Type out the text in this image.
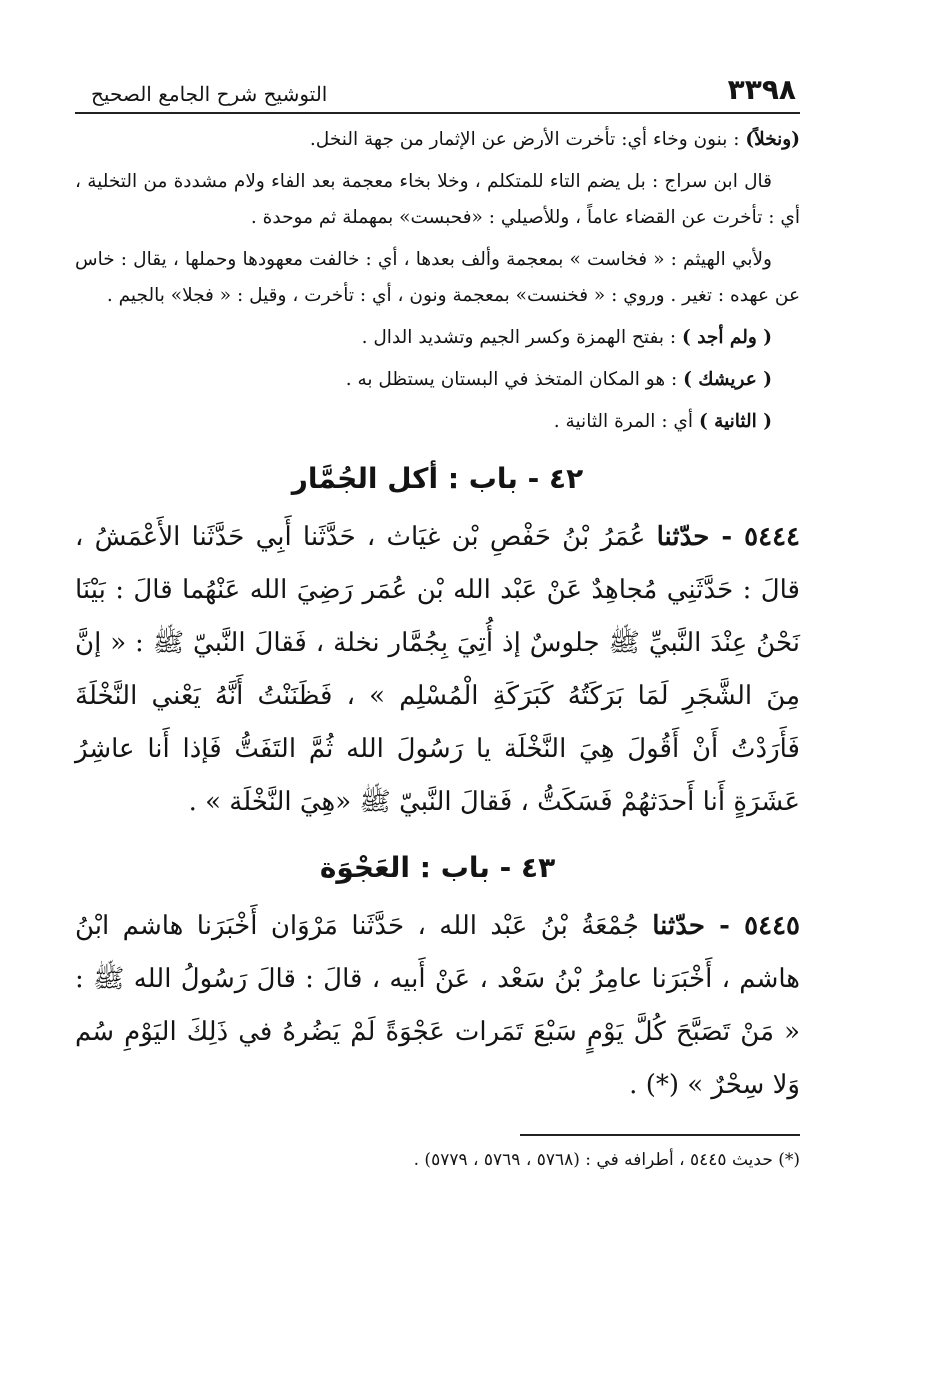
٣٣٩٨
التوشيح شرح الجامع الصحيح

(ونخلاً) : بنون وخاء أي: تأخرت الأرض عن الإثمار من جهة النخل.

قال ابن سراج : بل يضم التاء للمتكلم ، وخلا بخاء معجمة بعد الفاء ولام مشددة من التخلية ، أي : تأخرت عن القضاء عاماً ، وللأصيلي : «فحبست» بمهملة ثم موحدة .

ولأبي الهيثم : « فخاست » بمعجمة وألف بعدها ، أي : خالفت معهودها وحملها ، يقال : خاس عن عهده : تغير . وروي : « فخنست» بمعجمة ونون ، أي : تأخرت ، وقيل : « فجلا» بالجيم .

( ولم أجد ) : بفتح الهمزة وكسر الجيم وتشديد الدال .

( عريشك ) : هو المكان المتخذ في البستان يستظل به .

( الثانية ) أي : المرة الثانية .

٤٢ - باب : أكل الجُمَّار

٥٤٤٤ - حدّثنا عُمَرُ بْنُ حَفْصِ بْن غيَاث ، حَدَّثَنا أَبِي حَدَّثَنا الأَعْمَشُ ، قالَ : حَدَّثَنِي مُجاهِدٌ عَنْ عَبْد الله بْن عُمَر رَضِيَ الله عَنْهُما قالَ : بَيْنَا نَحْنُ عِنْدَ النَّبيِّ ﷺ جلوسٌ إذ أُتِيَ بِجُمَّار نخلة ، فَقالَ النَّبيّ ﷺ : « إنَّ مِنَ الشَّجَرِ لَمَا بَرَكَتُهُ كَبَرَكَةِ الْمُسْلِم » ، فَظَنَنْتُ أَنَّهُ يَعْني النَّخْلَةَ فَأَرَدْتُ أَنْ أَقُولَ هِيَ النَّخْلَة يا رَسُولَ الله ثُمَّ التَفَتُّ فَإذا أَنا عاشِرُ عَشَرَةٍ أَنا أَحدَثهُمْ فَسَكَتُّ ، فَقالَ النَّبيّ ﷺ «هِيَ النَّخْلَة » .

٤٣ - باب : العَجْوَة

٥٤٤٥ - حدّثنا جُمْعَةُ بْنُ عَبْد الله ، حَدَّثَنا مَرْوَان أَخْبَرَنا هاشم ابْنُ هاشم ، أَخْبَرَنا عامِرُ بْنُ سَعْد ، عَنْ أَبيه ، قالَ : قالَ رَسُولُ الله ﷺ : « مَنْ تَصَبَّحَ كُلَّ يَوْمٍ سَبْعَ تَمَرات عَجْوَةً لَمْ يَضُرهُ في ذَلِكَ اليَوْمِ سُم وَلا سِحْرٌ » (*) .

(*) حديث ٥٤٤٥ ، أطرافه في : (٥٧٦٨ ، ٥٧٦٩ ، ٥٧٧٩) .
